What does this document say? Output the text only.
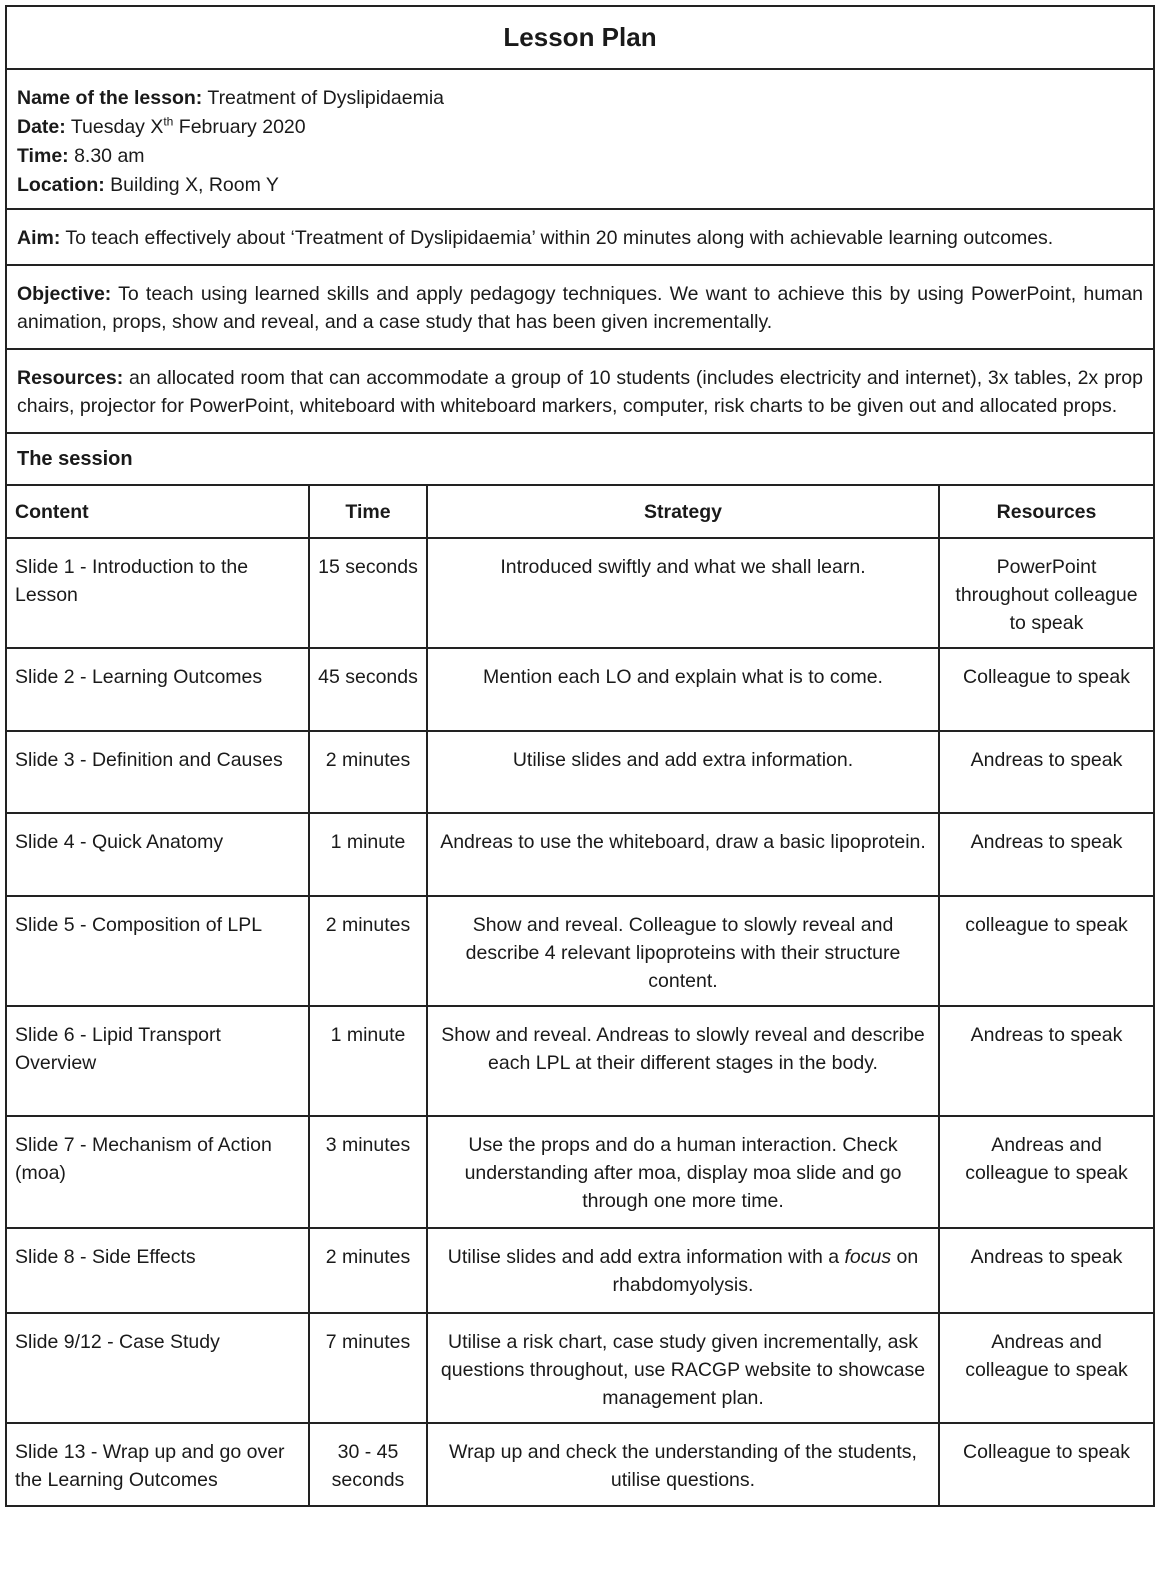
Lesson Plan
Name of the lesson: Treatment of Dyslipidaemia
Date: Tuesday Xth February 2020
Time: 8.30 am
Location: Building X, Room Y
Aim: To teach effectively about ‘Treatment of Dyslipidaemia’ within 20 minutes along with achievable learning outcomes.
Objective: To teach using learned skills and apply pedagogy techniques. We want to achieve this by using PowerPoint, human animation, props, show and reveal, and a case study that has been given incrementally.
Resources: an allocated room that can accommodate a group of 10 students (includes electricity and internet), 3x tables, 2x prop chairs, projector for PowerPoint, whiteboard with whiteboard markers, computer, risk charts to be given out and allocated props.
The session
Content	Time	Strategy	Resources
Slide 1 - Introduction to the Lesson	15 seconds	Introduced swiftly and what we shall learn.	PowerPoint throughout colleague to speak
Slide 2 - Learning Outcomes	45 seconds	Mention each LO and explain what is to come.	Colleague to speak
Slide 3 - Definition and Causes	2 minutes	Utilise slides and add extra information.	Andreas to speak
Slide 4 - Quick Anatomy	1 minute	Andreas to use the whiteboard, draw a basic lipoprotein.	Andreas to speak
Slide 5 - Composition of LPL	2 minutes	Show and reveal. Colleague to slowly reveal and describe 4 relevant lipoproteins with their structure content.	colleague to speak
Slide 6 - Lipid Transport Overview	1 minute	Show and reveal. Andreas to slowly reveal and describe each LPL at their different stages in the body.	Andreas to speak
Slide 7 - Mechanism of Action (moa)	3 minutes	Use the props and do a human interaction. Check understanding after moa, display moa slide and go through one more time.	Andreas and colleague to speak
Slide 8 - Side Effects	2 minutes	Utilise slides and add extra information with a focus on rhabdomyolysis.	Andreas to speak
Slide 9/12 - Case Study	7 minutes	Utilise a risk chart, case study given incrementally, ask questions throughout, use RACGP website to showcase management plan.	Andreas and colleague to speak
Slide 13 - Wrap up and go over the Learning Outcomes	30 - 45 seconds	Wrap up and check the understanding of the students, utilise questions.	Colleague to speak
